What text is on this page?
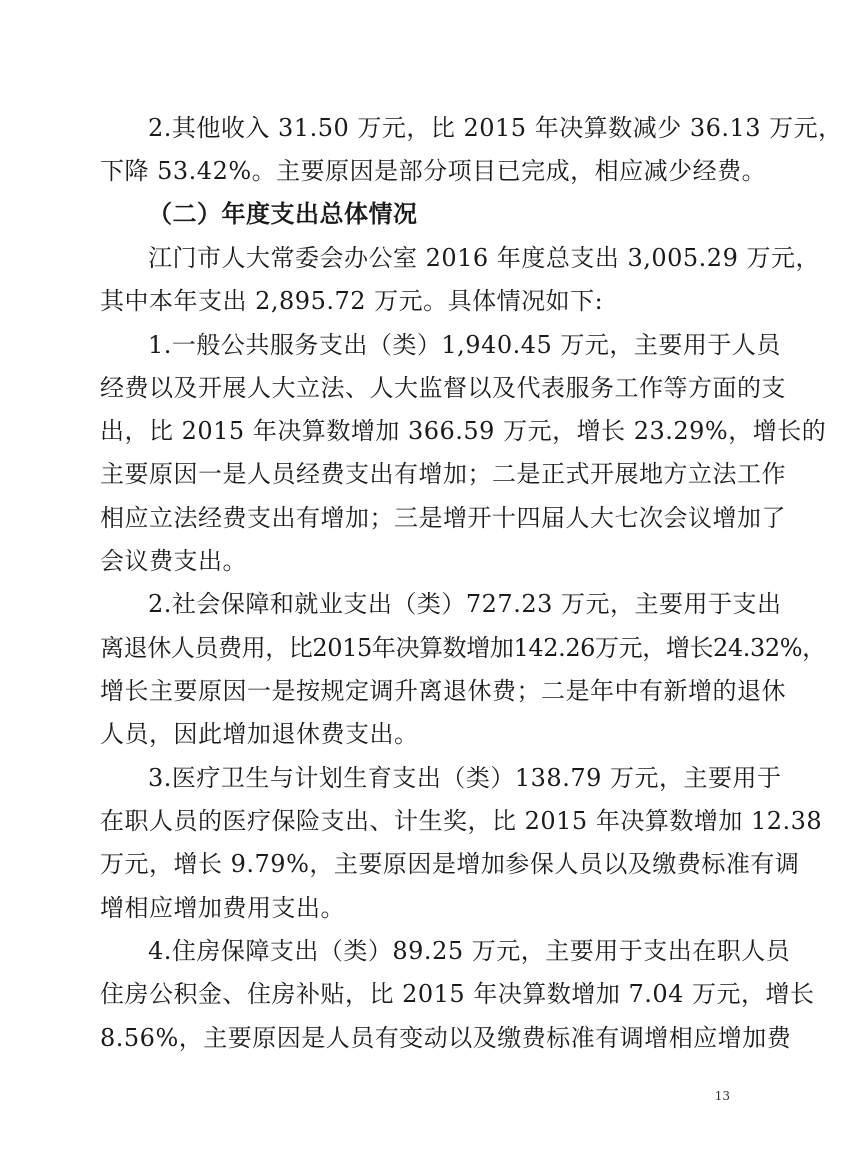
2.其他收入 31.50 万元，比 2015 年决算数减少 36.13 万元，
下降 53.42%。主要原因是部分项目已完成，相应减少经费。
（二）年度支出总体情况
江门市人大常委会办公室 2016 年度总支出 3,005.29 万元，
其中本年支出 2,895.72 万元。具体情况如下:
1.一般公共服务支出（类）1,940.45 万元，主要用于人员
经费以及开展人大立法、人大监督以及代表服务工作等方面的支
出，比 2015 年决算数增加 366.59 万元，增长 23.29%，增长的
主要原因一是人员经费支出有增加；二是正式开展地方立法工作
相应立法经费支出有增加；三是增开十四届人大七次会议增加了
会议费支出。
2.社会保障和就业支出（类）727.23 万元，主要用于支出
离退休人员费用，比2015年决算数增加142.26万元，增长24.32%，
增长主要原因一是按规定调升离退休费；二是年中有新增的退休
人员，因此增加退休费支出。
3.医疗卫生与计划生育支出（类）138.79 万元，主要用于
在职人员的医疗保险支出、计生奖，比 2015 年决算数增加 12.38
万元，增长 9.79%，主要原因是增加参保人员以及缴费标准有调
增相应增加费用支出。
4.住房保障支出（类）89.25 万元，主要用于支出在职人员
住房公积金、住房补贴，比 2015 年决算数增加 7.04 万元，增长
8.56%，主要原因是人员有变动以及缴费标准有调增相应增加费
13
